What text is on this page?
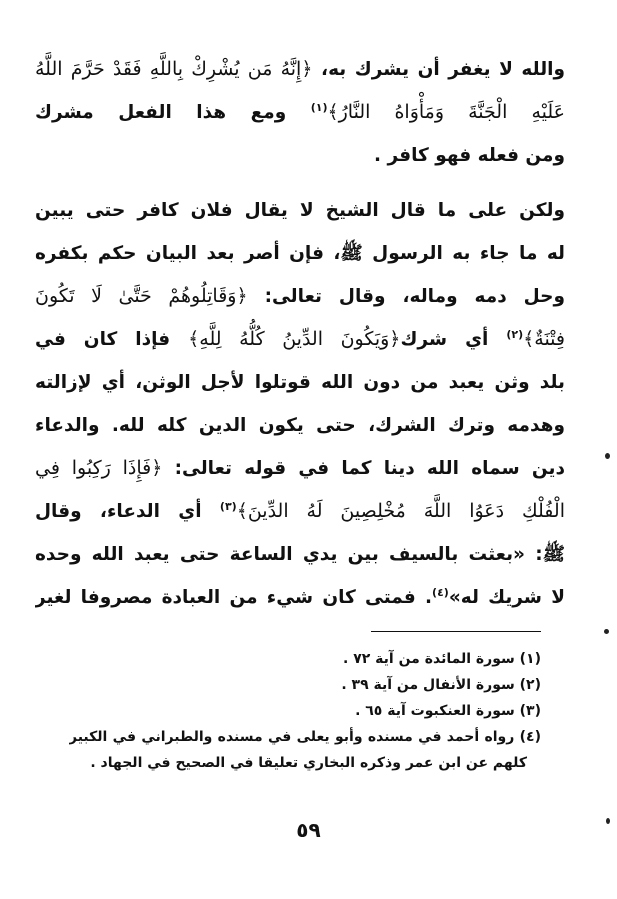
والله لا يغفر أن يشرك به، ﴿إِنَّهُ مَن يُشْرِكْ بِاللَّهِ فَقَدْ حَرَّمَ اللَّهُ
عَلَيْهِ الْجَنَّةَ وَمَأْوَاهُ النَّارُ﴾$^{(١)}$ ومع هذا الفعل مشرك
ومن فعله فهو كافر .
ولكن على ما قال الشيخ لا يقال فلان كافر حتى يبين
له ما جاء به الرسول ﷺ، فإن أصر بعد البيان حكم بكفره
وحل دمه وماله، وقال تعالى: ﴿وَقَاتِلُوهُمْ حَتَّىٰ لَا تَكُونَ
فِتْنَةٌ﴾$^{(٢)}$ أي شرك﴿وَيَكُونَ الدِّينُ كُلُّهُ لِلَّهِ﴾ فإذا كان في
بلد وثن يعبد من دون الله قوتلوا لأجل الوثن، أي لإزالته
وهدمه وترك الشرك، حتى يكون الدين كله لله. والدعاء
دين سماه الله دينا كما في قوله تعالى: ﴿فَإِذَا رَكِبُوا فِي
الْفُلْكِ دَعَوُا اللَّهَ مُخْلِصِينَ لَهُ الدِّينَ﴾$^{(٣)}$ أي الدعاء، وقال
ﷺ: «بعثت بالسيف بين يدي الساعة حتى يعبد الله وحده
لا شريك له»$^{(٤)}$. فمتى كان شيء من العبادة مصروفا لغير
(١) سورة المائدة من آية ٧٢ .
(٢) سورة الأنفال من آية ٣٩ .
(٣) سورة العنكبوت آية ٦٥ .
(٤) رواه أحمد في مسنده وأبو يعلى في مسنده والطبراني في الكبير
كلهم عن ابن عمر وذكره البخاري تعليقا في الصحيح في الجهاد .
٥٩
